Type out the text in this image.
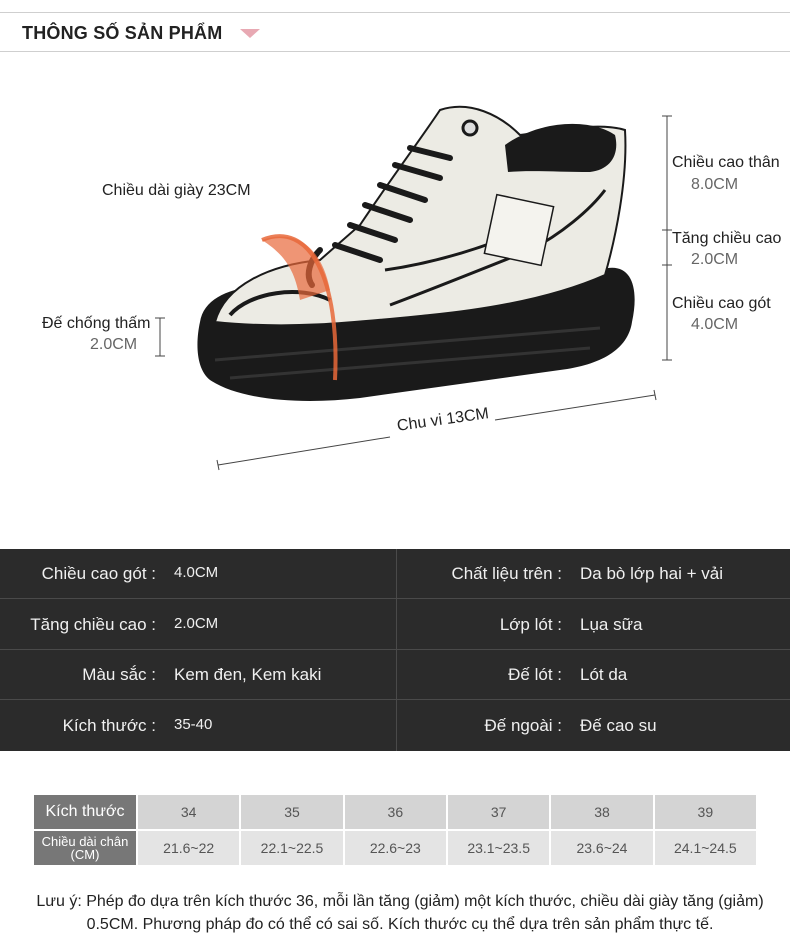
THÔNG SỐ SẢN PHẨM
Chiều dài giày 23CM
Đế chống thấm
2.0CM
Chiều cao thân
8.0CM
Tăng chiều cao
2.0CM
Chiều cao gót
4.0CM
Chu vi 13CM
Chiều cao gót : 4.0CM	Chất liệu trên : Da bò lớp hai + vải
Tăng chiều cao : 2.0CM	Lớp lót : Lụa sữa
Màu sắc : Kem đen, Kem kaki	Đế lót : Lót da
Kích thước : 35-40	Đế ngoài : Đế cao su
Kích thước	34	35	36	37	38	39

Chiều dài chân
(CM)	21.6~22	22.1~22.5	22.6~23	23.1~23.5	23.6~24	24.1~24.5
Lưu ý: Phép đo dựa trên kích thước 36, mỗi lần tăng (giảm) một kích thước, chiều dài giày tăng (giảm) 0.5CM. Phương pháp đo có thể có sai số. Kích thước cụ thể dựa trên sản phẩm thực tế.
